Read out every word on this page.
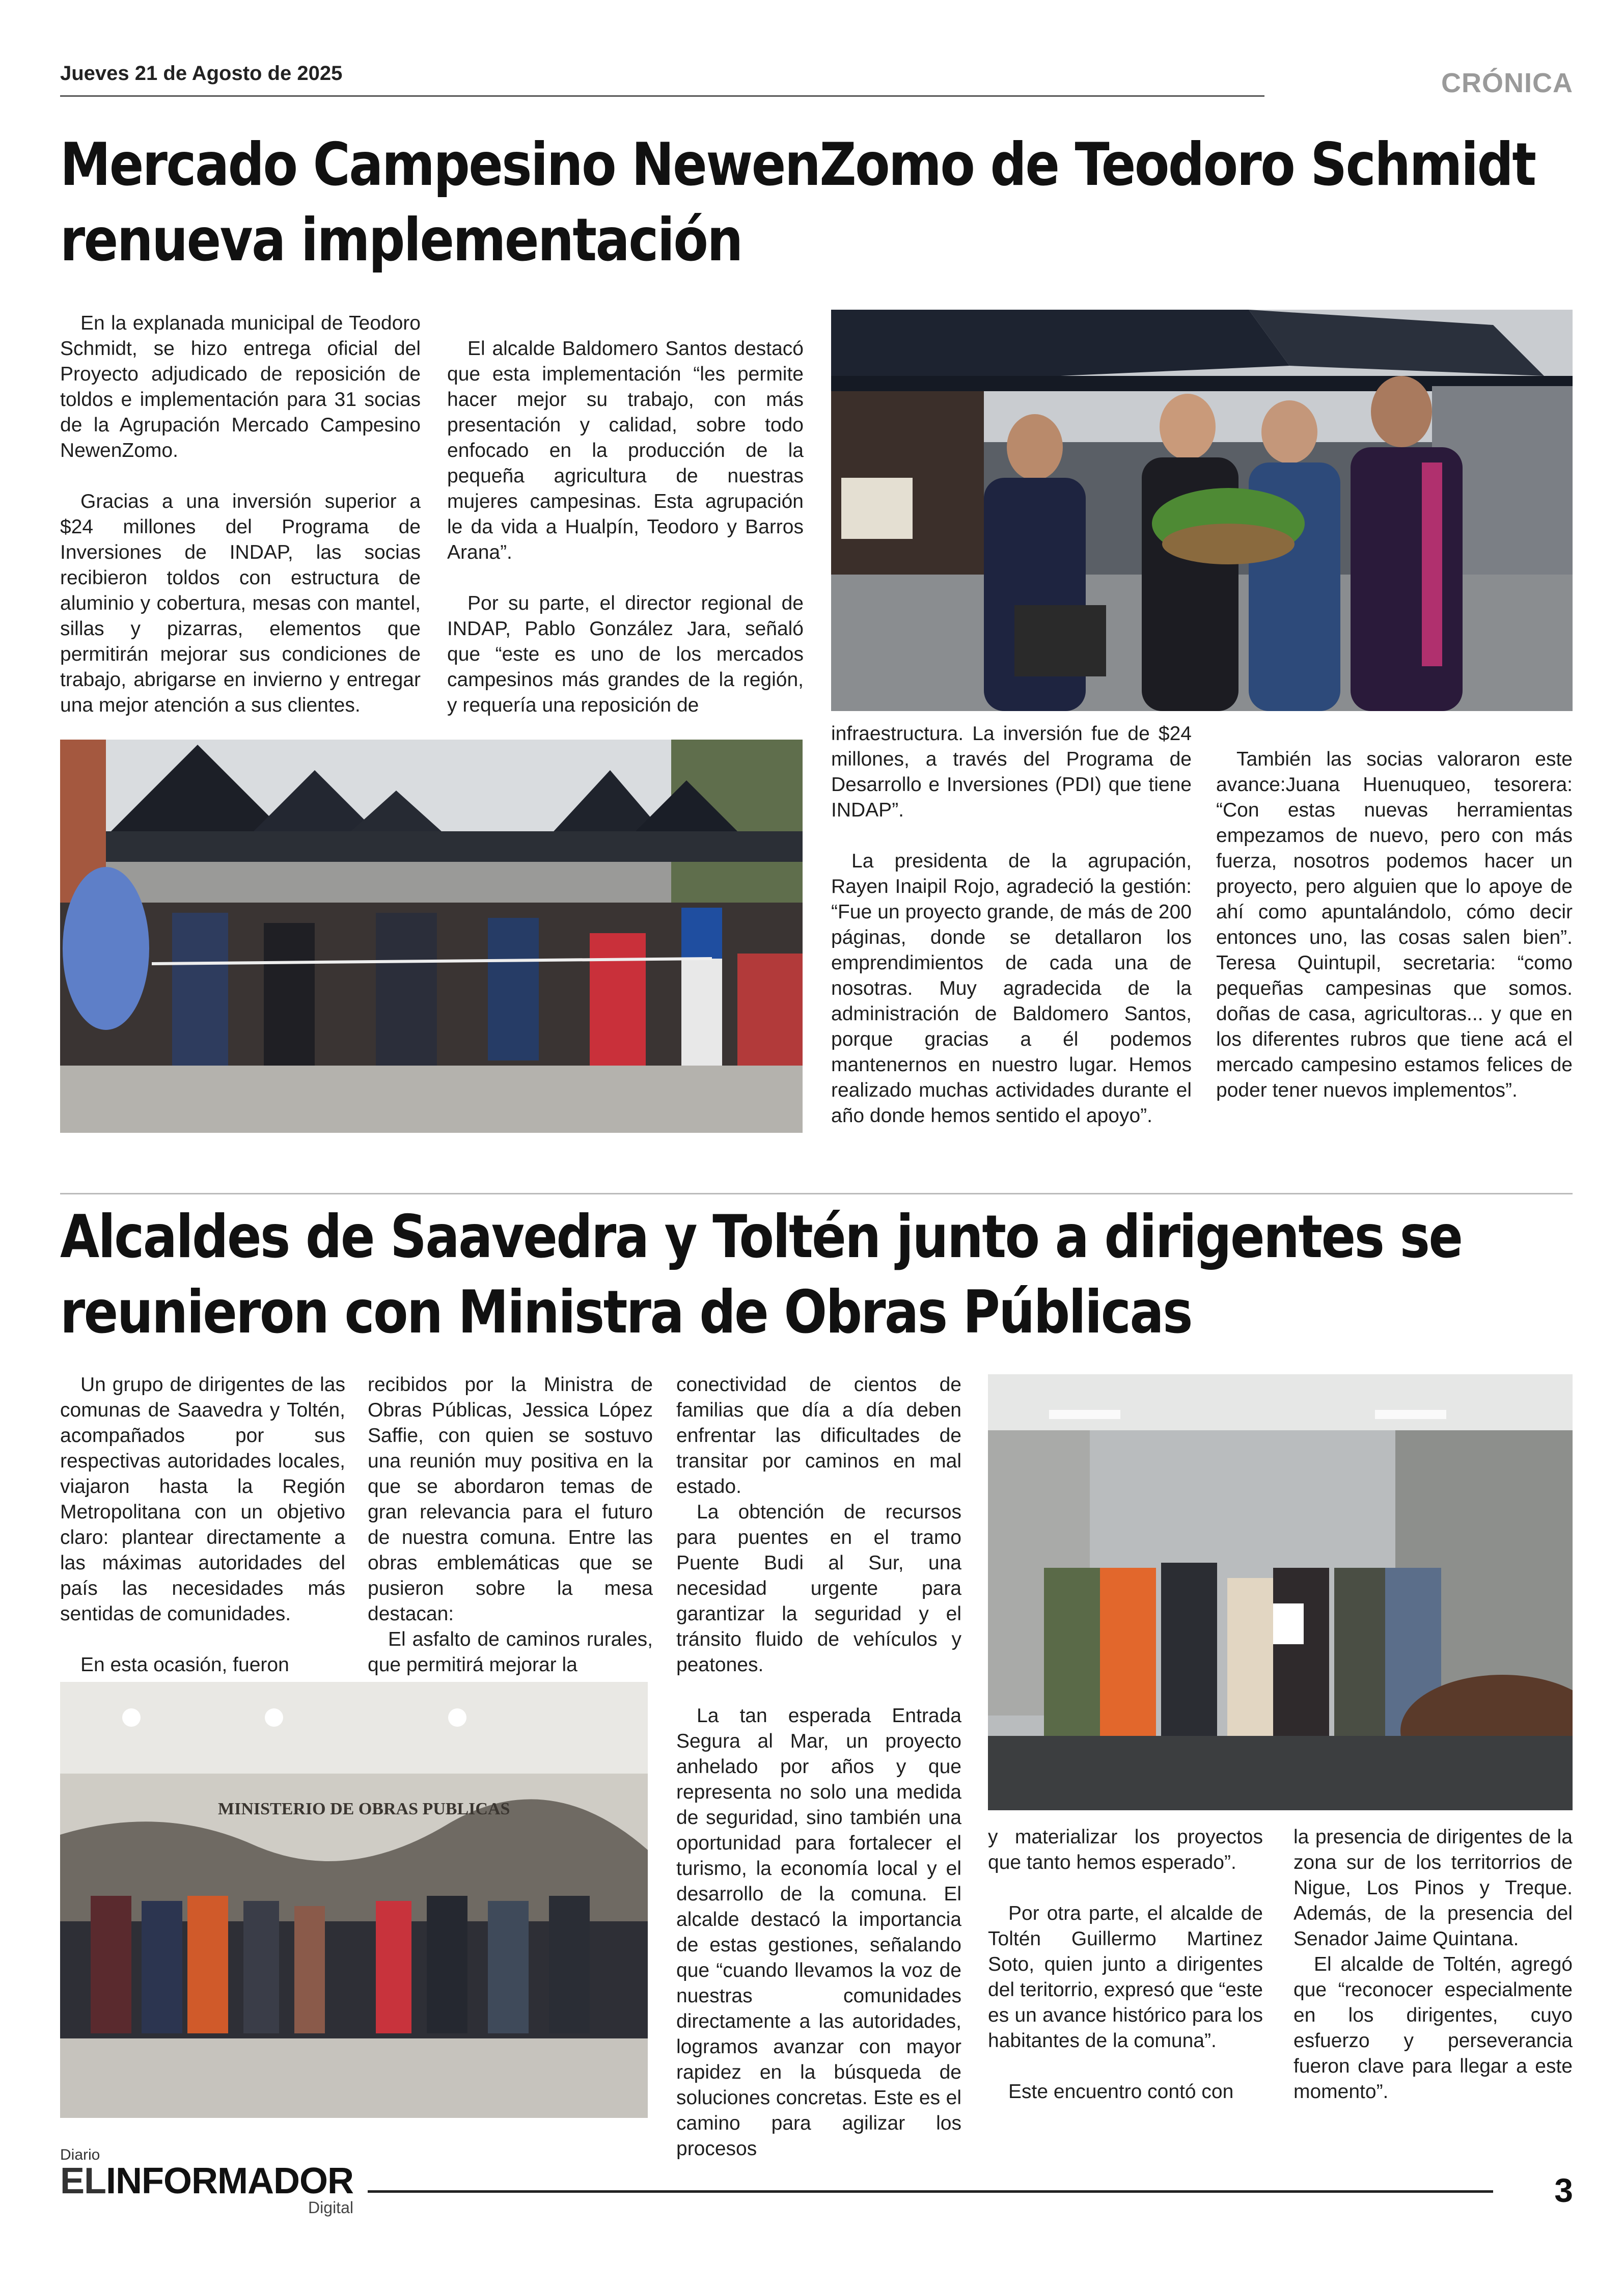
Jueves 21 de Agosto de 2025	CRÓNICA
Mercado Campesino NewenZomo de Teodoro Schmidt
renueva implementación

En la explanada municipal de Teodoro Schmidt, se hizo entrega oficial del Proyecto adjudicado de reposición de toldos e implementación para 31 socias de la Agrupación Mercado Campesino NewenZomo.

Gracias a una inversión superior a $24 millones del Programa de Inversiones de INDAP, las socias recibieron toldos con estructura de aluminio y cobertura, mesas con mantel, sillas y pizarras, elementos que permitirán mejorar sus condiciones de trabajo, abrigarse en invierno y entregar una mejor atención a sus clientes.

El alcalde Baldomero Santos destacó que esta implementación “les permite hacer mejor su trabajo, con más presentación y calidad, sobre todo enfocado en la producción de la pequeña agricultura de nuestras mujeres campesinas. Esta agrupación le da vida a Hualpín, Teodoro y Barros Arana”.

Por su parte, el director regional de INDAP, Pablo González Jara, señaló que “este es uno de los mercados campesinos más grandes de la región, y requería una reposición de

infraestructura. La inversión fue de $24 millones, a través del Programa de Desarrollo e Inversiones (PDI) que tiene INDAP”.

La presidenta de la agrupación, Rayen Inaipil Rojo, agradeció la gestión: “Fue un proyecto grande, de más de 200 páginas, donde se detallaron los emprendimientos de cada una de nosotras. Muy agradecida de la administración de Baldomero Santos, porque gracias a él podemos mantenernos en nuestro lugar. Hemos realizado muchas actividades durante el año donde hemos sentido el apoyo”.

También las socias valoraron este avance:Juana Huenuqueo, tesorera: “Con estas nuevas herramientas empezamos de nuevo, pero con más fuerza, nosotros podemos hacer un proyecto, pero alguien que lo apoye de ahí como apuntalándolo, cómo decir entonces uno, las cosas salen bien”. Teresa Quintupil, secretaria: “como pequeñas campesinas que somos. doñas de casa, agricultoras... y que en los diferentes rubros que tiene acá el mercado campesino estamos felices de poder tener nuevos implementos”.

Alcaldes de Saavedra y Toltén junto a dirigentes se
reunieron con Ministra de Obras Públicas

Un grupo de dirigentes de las comunas de Saavedra y Toltén, acompañados por sus respectivas autoridades locales, viajaron hasta la Región Metropolitana con un objetivo claro: plantear directamente a las máximas autoridades del país las necesidades más sentidas de comunidades.

En esta ocasión, fueron

recibidos por la Ministra de Obras Públicas, Jessica López Saffie, con quien se sostuvo una reunión muy positiva en la que se abordaron temas de gran relevancia para el futuro de nuestra comuna. Entre las obras emblemáticas que se pusieron sobre la mesa destacan:

El asfalto de caminos rurales, que permitirá mejorar la

MINISTERIO DE OBRAS PUBLICAS

conectividad de cientos de familias que día a día deben enfrentar las dificultades de transitar por caminos en mal estado.

La obtención de recursos para puentes en el tramo Puente Budi al Sur, una necesidad urgente para garantizar la seguridad y el tránsito fluido de vehículos y peatones.

La tan esperada Entrada Segura al Mar, un proyecto anhelado por años y que representa no solo una medida de seguridad, sino también una oportunidad para fortalecer el turismo, la economía local y el desarrollo de la comuna. El alcalde destacó la importancia de estas gestiones, señalando que “cuando llevamos la voz de nuestras comunidades directamente a las autoridades, logramos avanzar con mayor rapidez en la búsqueda de soluciones concretas. Este es el camino para agilizar los procesos

y materializar los proyectos que tanto hemos esperado”.

Por otra parte, el alcalde de Toltén Guillermo Martinez Soto, quien junto a dirigentes del teritorrio, expresó que “este es un avance histórico para los habitantes de la comuna”.

Este encuentro contó con

la presencia de dirigentes de la zona sur de los territorrios de Nigue, Los Pinos y Treque. Además, de la presencia del Senador Jaime Quintana.

El alcalde de Toltén, agregó que “reconocer especialmente en los dirigentes, cuyo esfuerzo y perseverancia fueron clave para llegar a este momento”.

Diario
ELINFORMADOR
Digital	3
